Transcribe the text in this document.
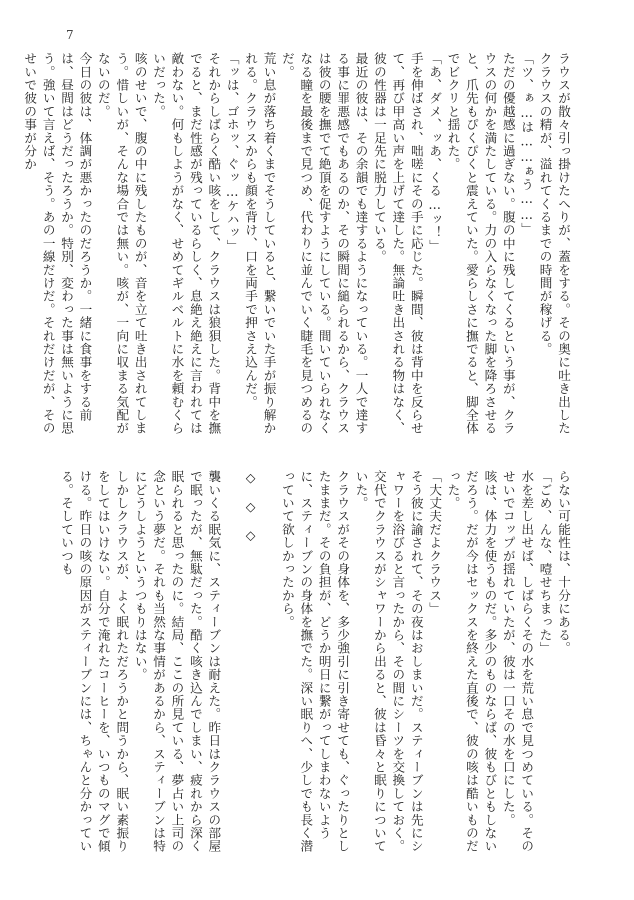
7

ラウスが散々引っ掛けたへりが、蓋をする。その奥に吐き出したクラウスの精が、溢れてくるまでの時間が稼げる。

「ツ、ぁ…は……ぁう……」

ただの優越感に過ぎない。腹の中に残してくるという事が、クラウスの何かを満たしている。力の入らなくなった脚を降ろさせると、爪先もぴくぴくと震えていた。愛らしさに撫でると、脚全体でビクリと揺れた。

「あ、ダメ、ッあ、くる…ッ！」

手を伸ばされ、咄嗟にその手に応じた。瞬間、彼は背中を反らせて、再び甲高い声を上げて達した。無論吐き出される物はなく、彼の性器は一足先に脱力している。

最近の彼は、その余韻でも達するようになっている。一人で達する事に罪悪感でもあるのか、その瞬間に縋られるから、クラウスは彼の腰を撫でて絶頂を促すようにしている。間いていられなくなる瞳を最後まで見つめ、代わりに並んでいく睫毛を見つめるのだ。

荒い息が落ち着くまでそうしていると、繋いでいた手が振り解かれる。クラウスからも顔を背け、口を両手で押さえ込んだ。

「ッは、ゴホッ、ぐッ…ケハッ」

それからしばらく酷い咳をして、クラウスは狼狽した。背中を撫でると、まだ性感が残っているらしく、息絶え絶えに言われては敵わない。何もしようがなく、せめてギルベルトに水を頼むくらいだった。

咳のせいで、腹の中に残したものが、音を立て吐き出されてしまう。惜しいが、そんな場合では無い。咳が、一向に収まる気配がないのだ。

今日の彼は、体調が悪かったのだろうか。一緒に食事をする前は、昼間はどうだったろうか。特別、変わった事は無いように思う。強いて言えば、そう。あの一線だけだ。それだけだが、そのせいで彼の事が分か

らない可能性は、十分にある。

「ごめ、んな、噎せちまった」

水を差し出せば、しばらくその水を荒い息で見つめている。そのせいでコップが揺れていたが、彼は一口その水を口にした。

咳は、体力を使うものだ。多少のものならば、彼もびともしないだろう。だが今はセックスを終えた直後で、彼の咳は酷いものだった。

「大丈夫だよクラウス」

そう彼に諭されて、その夜はおしまいだ。スティーブンは先にシャワーを浴びると言ったから、その間にシーツを交換しておく。交代でクラウスがシャワーから出ると、彼は昏々と眠りについていた。

クラウスがその身体を、多少強引に引き寄せても、ぐったりとしたままだ。その負担が、どうか明日に繋がってしまわないように、スティーブンの身体を撫でた。深い眠りへ、少しでも長く潜っていて欲しかったから。

◇　◇　◇

襲いくる眠気に、スティーブンは耐えた。昨日はクラウスの部屋で眠ったが、無駄だった。酷く咳き込んでしまい、疲れから深く眠られると思ったのに。結局、ここの所見ている、夢占い上司の念という夢だ。それも当然な事情があるから、スティーブンは特にどうしようというつもりはない。

しかしクラウスが、よく眠れただろうかと問うから、眠い素振りをしてはいけない。自分で淹れたコーヒーを、いつものマグで傾ける。昨日の咳の原因がスティーブンには、ちゃんと分かっている。そしていつも
